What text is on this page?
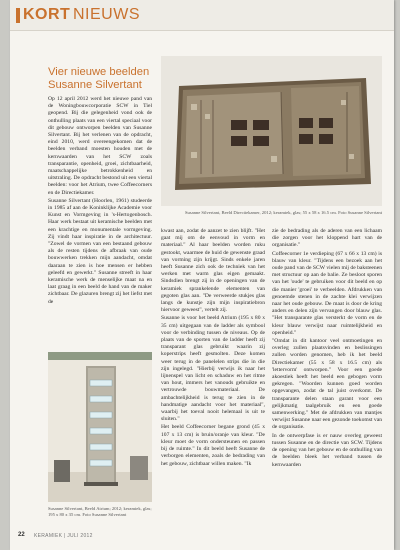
KORT NIEUWS
Vier nieuwe beelden
Susanne Silvertant

Op 12 april 2012 werd het nieuwe pand van de Woningbouwcorporatie SCW in Tiel geopend. Bij die gelegenheid vond ook de onthulling plaats van een viertal speciaal voor dit gebouw ontworpen beelden van Susanne Silvertant. Bij het verlenen van de opdracht, eind 2010, werd overeengekomen dat de beelden verband moesten houden met de kernwaarden van het SCW zoals transparantie, openheid, groei, zichtbaarheid, maatschappelijke betrokkenheid en uitstraling. De opdracht bestond uit een viertal beelden: voor het Atrium, twee Coffeecorners en de Directiekamer.

Susanne Silvertant (Hoorlen, 1961) studeerde in 1985 af aan de Koninklijke Academie voor Kunst en Vormgeving in 's-Hertogenbosch. Haar werk bestaat uit keramische beelden met een krachtige en monumentale vormgeving. Zij vindt haar inspiratie in de architectuur. "Zowel de vormen van een bestaand gebouw als de resten tijdens de afbraak van oude bouwwerken trekken mijn aandacht, omdat daaraan te zien is hoe mensen er hebben geleefd en gewerkt." Susanne streeft in haar keramische werk de menselijke maat na en laat graag in een beeld de hand van de maker zichtbaar. De glazuren brengt zij het liefst met de

Susanne Silvertant, Beeld Directiekamer, 2012; keramiek, glas; 55 x 58 x 16.5 cm. Foto Susanne Silvertant

kwast aan, zodat de aanzet te zien blijft. "Het gaat mij om de eenvoud in vorm en materiaal." Al haar beelden worden ruku gestookt, waarmee de huid de gewenste graad van vorming zijn krijgt. Sinds enkele jaren heeft Susanne zich ook de techniek van het werken met warm glas eigen gemaakt. Sindsdien brengt zij in de openingen van de keramiek sprankelende elementen van gegoten glas aan. "De verweerde stukjes glas langs de kunstje zijn mijn inspiratiebron hiervoor geweest", vertelt zij.

Susanne is voor het beeld Atrium (195 x 80 x 35 cm) uitgegaan van de ladder als symbool voor de verbinding tussen de niveaus. Op de plaats van de sporten van de ladder heeft zij transparant glas gebruikt waarin zij koperstrips heeft gesmolten. Deze komen weer terug in de panelelen strips die in die zijn ingelegd. "Hierbij verwijs ik naar het lijnenspel van licht en schaduw en het ritme van hout, immers het vanouds gebruikte en vertrouwde bouwmateriaal. De ambachtelijkheid is terug te zien in de handmatige aandacht voor het materiaal", waarbij het toeval nooit helemaal is uit te sluiten."

Het beeld Coffeecorner begane grond (45 x 107 x 13 cm) is bruin/oranje van kleur. "De kleur moet de vorm ondersteunen en passen bij de ruimte." In dit beeld heeft Susanne de verborgen elementen, zoals de bedrading van het gebouw, zichtbaar willen maken. "Ik

zie de bedrading als de aderen van een lichaam die zorgen voor het kloppend hart van de organisatie."

Coffeecorner 1e verdieping (67 x 66 x 13 cm) is blauw van kleur. "Tijdens een bezoek aan het oude pand van de SCW vielen mij de baksteenen met structuur op aan de balie. Ze besloot sporen van het 'oude' te gebruiken voor dit beeld en op die manier 'groei' te verbeelden. Afdrukken van genoemde stenen in de zachte klei verwijzen naar het oude gebouw. De maat is door de kring anders en delen zijn vervangen door blauw glas. "Het transparante glas versterkt de vorm en de kleur blauw verwijst naar ruimtelijkheid en openheid."

"Omdat in dit kantoor veel ontmoetingen en overleg zullen plaatsvinden en beslissingen zullen worden genomen, heb ik het beeld Directiekamer (55 x 58 x 16.5 cm) als 'lettervorm' ontworpen." Voor een goede akoestiek heeft het beeld een gebogen vorm gekregen. "Woorden kunnen goed worden opgevangen, zodat de tal juist overkomt. De transparante delen staan garant voor een gelijkmatig taalgebruik en een goede samenwerking." Met de afdrukken van mantjes verwijst Susanne naar een gezonde toekomst van de organisatie.

In de ontwerpfase is er nauw overleg geweest tussen Susanne en de directie van SCW. Tijdens de opening van het gebouw en de onthulling van de beelden bleek het verband tussen de kernwaarden

Susanne Silvertant, Beeld Atrium; 2012; keramiek, glas; 195 x 80 x 35 cm. Foto Susanne Silvertant
22 KERAMIEK | JULI 2012
